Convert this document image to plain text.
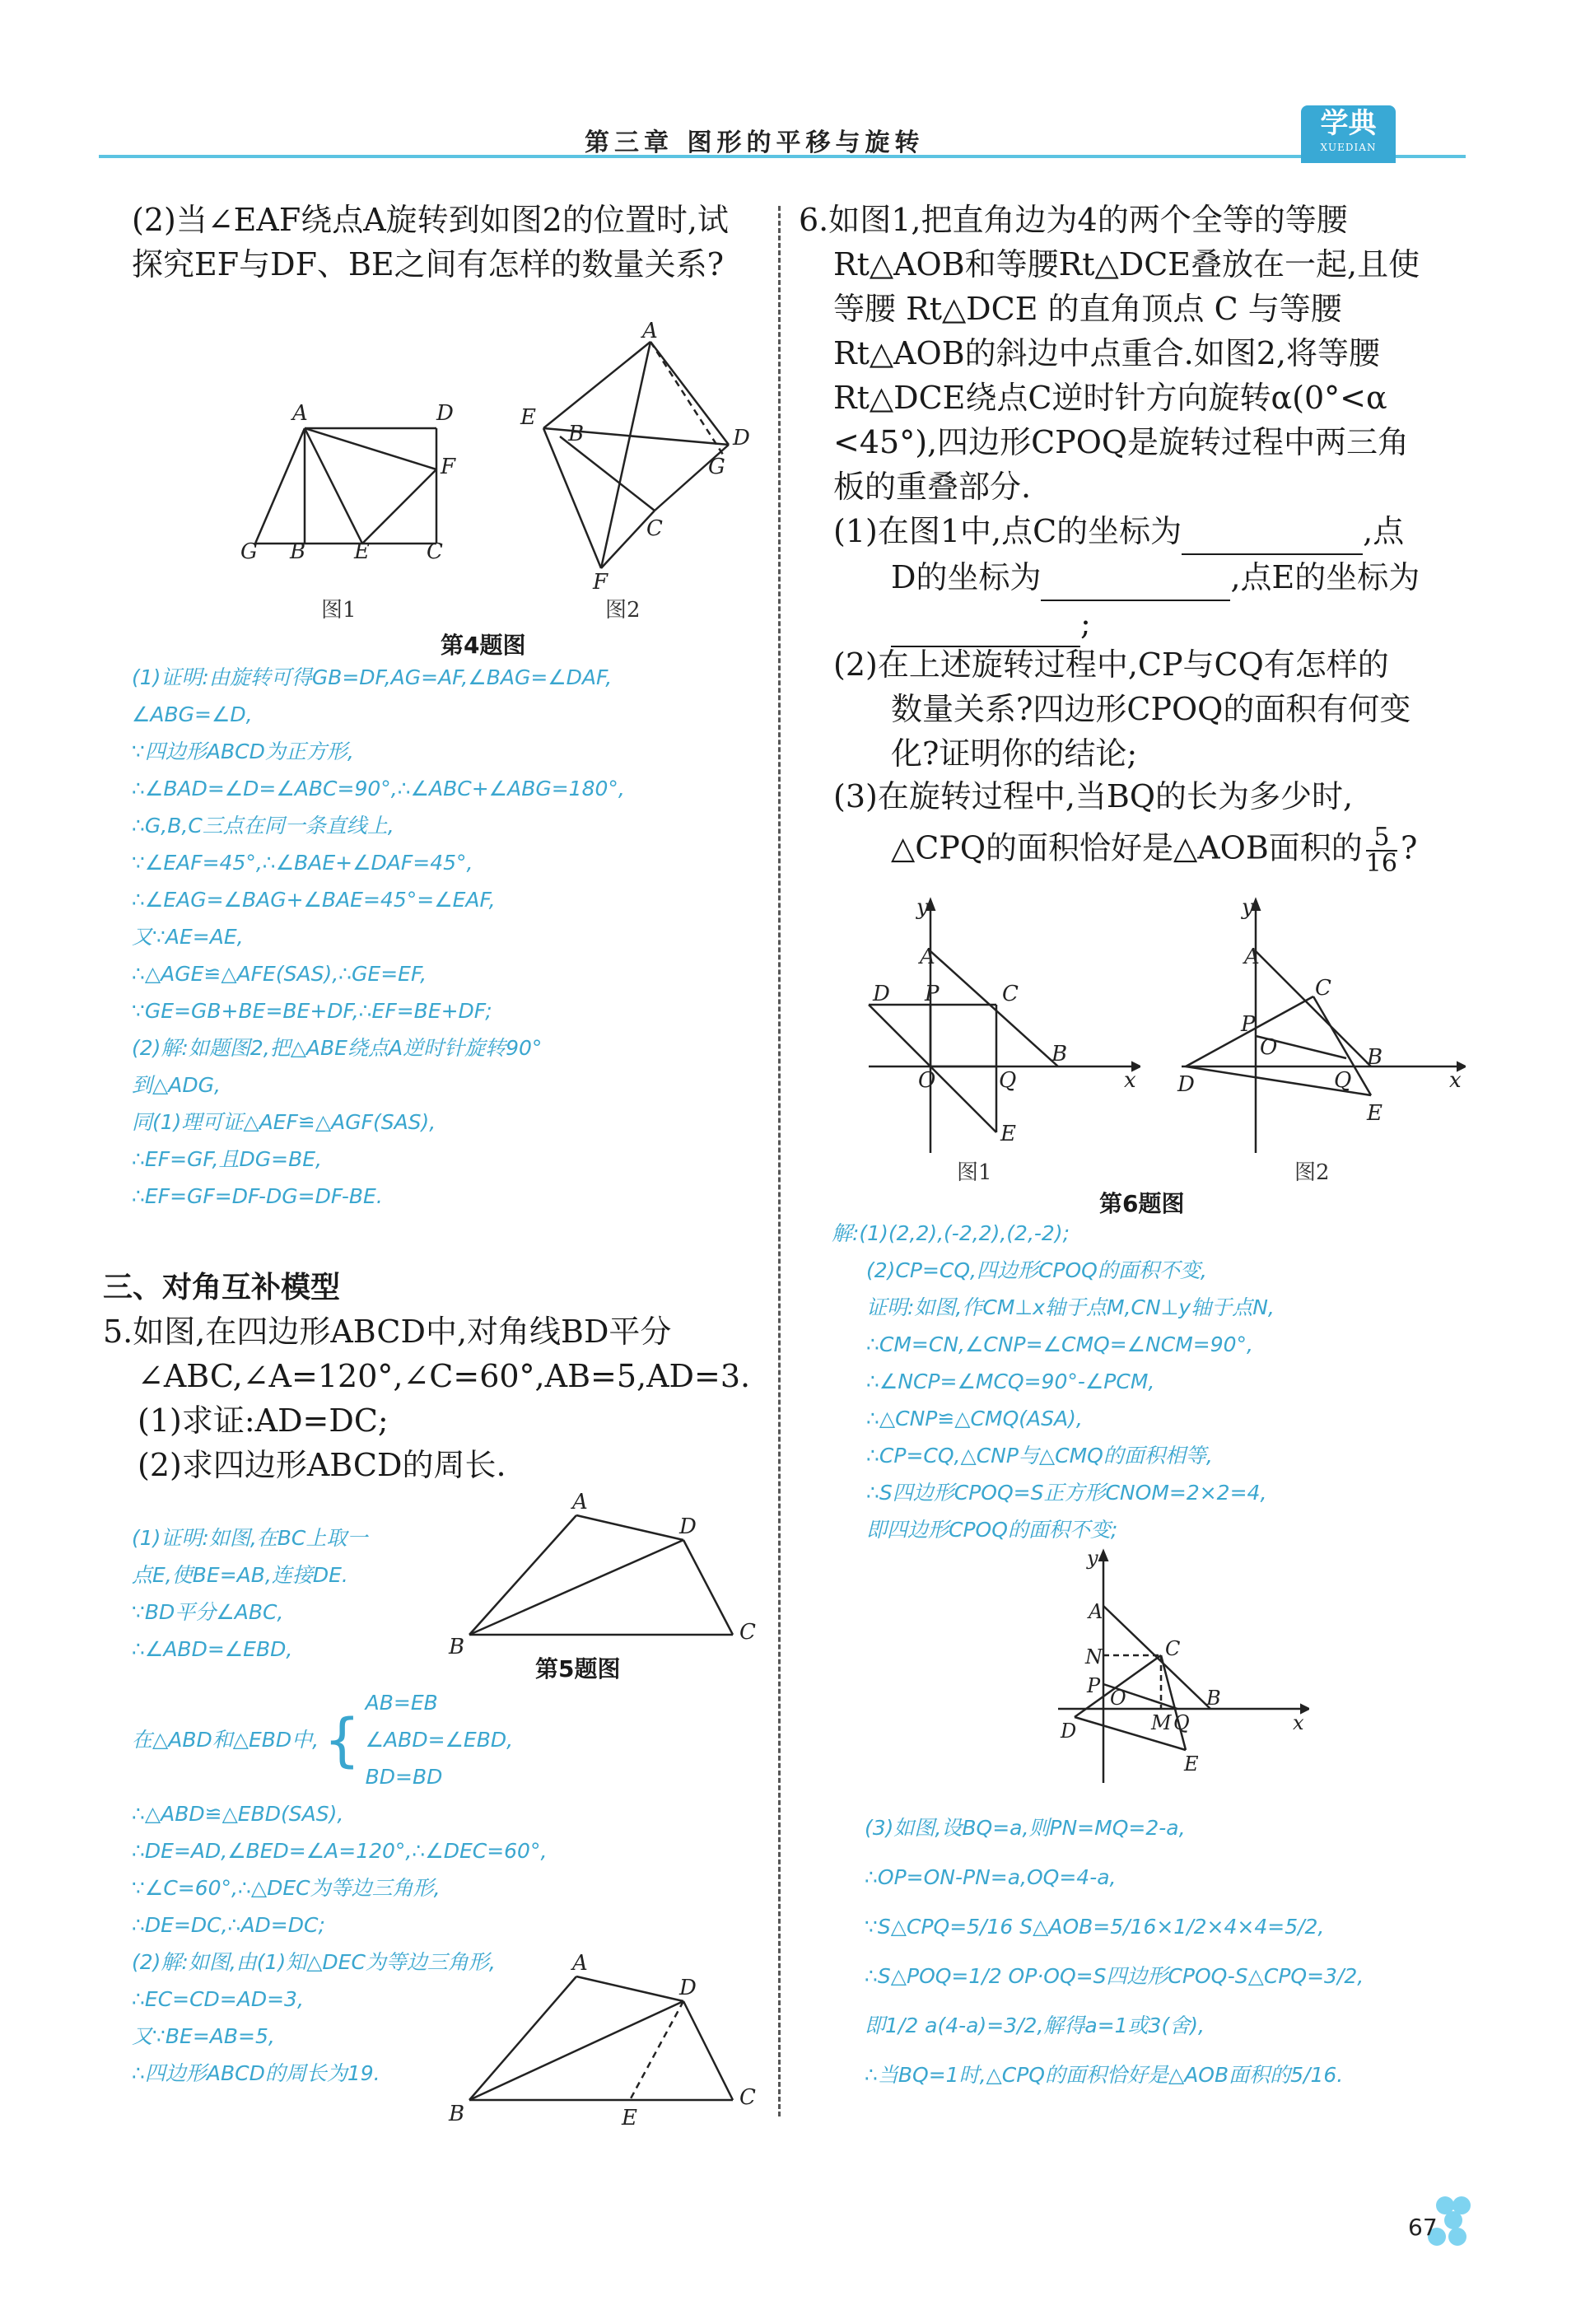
第三章 图形的平移与旋转
学典
XUEDIAN
(2)当∠EAF绕点A旋转到如图2的位置时,试探究EF与DF、BE之间有怎样的数量关系?
A	D
F
G B E	C
图1
A
E
B	D
G
C
F
图2
第4题图
(1)证明:由旋转可得GB=DF,AG=AF,∠BAG=∠DAF,
∠ABG=∠D,
∵四边形ABCD为正方形,
∴∠BAD=∠D=∠ABC=90°,∴∠ABC+∠ABG=180°,
∴G,B,C三点在同一条直线上,
∵∠EAF=45°,∴∠BAE+∠DAF=45°,
∴∠EAG=∠BAG+∠BAE=45°=∠EAF,
又∵AE=AE,
∴△AGE≌△AFE(SAS),∴GE=EF,
∵GE=GB+BE=BE+DF,∴EF=BE+DF;
(2)解:如题图2,把△ABE绕点A逆时针旋转90°
到△ADG,
同(1)理可证△AEF≌△AGF(SAS),
∴EF=GF,且DG=BE,
∴EF=GF=DF-DG=DF-BE.
三、对角互补模型
5.如图,在四边形ABCD中,对角线BD平分
∠ABC,∠A=120°,∠C=60°,AB=5,AD=3.
(1)求证:AD=DC;
(2)求四边形ABCD的周长.
A
D
B
C
第5题图
(1)证明:如图,在BC上取一
点E,使BE=AB,连接DE.
∵BD平分∠ABC,
∴∠ABD=∠EBD,
在△ABD和△EBD中, {
AB=EB
∠ABD=∠EBD,
BD=BD
∴△ABD≌△EBD(SAS),
∴DE=AD,∠BED=∠A=120°,∴∠DEC=60°,
∵∠C=60°,∴△DEC为等边三角形,
∴DE=DC,∴AD=DC;
(2)解:如图,由(1)知△DEC为等边三角形,
∴EC=CD=AD=3,
又∵BE=AB=5,
∴四边形ABCD的周长为19.
A
D
B	E
C
6.如图1,把直角边为4的两个全等的等腰
Rt△AOB和等腰Rt△DCE叠放在一起,且使
等腰 Rt△DCE 的直角顶点 C 与等腰
Rt△AOB的斜边中点重合.如图2,将等腰
Rt△DCE绕点C逆时针方向旋转α(0°<α
<45°),四边形CPOQ是旋转过程中两三角
板的重叠部分.
(1)在图1中,点C的坐标为	,点
D的坐标为	,点E的坐标为
;
(2)在上述旋转过程中,CP与CQ有怎样的
数量关系?四边形CPOQ的面积有何变
化?证明你的结论;
(3)在旋转过程中,当BQ的长为多少时,
△CPQ的面积恰好是△AOB面积的 $\frac{5}{16}$ ?
y
A
D P	C
B
O	Q
E
x
图1
y
A
C
P
O	B
D	Q
E
x
图2
第6题图
解:(1)(2,2),(-2,2),(2,-2);
(2)CP=CQ,四边形CPOQ的面积不变,
证明:如图,作CM⊥x轴于点M,CN⊥y轴于点N,
∴CM=CN,∠CNP=∠CMQ=∠NCM=90°,
∴∠NCP=∠MCQ=90°-∠PCM,
∴△CNP≌△CMQ(ASA),
∴CP=CQ,△CNP与△CMQ的面积相等,
∴S四边形CPOQ=S正方形CNOM=2×2=4,
即四边形CPOQ的面积不变;
y
A
N	C
P
O
M Q
B
D
E
x
(3)如图,设BQ=a,则PN=MQ=2-a,
∴OP=ON-PN=a,OQ=4-a,
∵S△CPQ=5/16 S△AOB=5/16×1/2×4×4=5/2,
∴S△POQ=1/2 OP·OQ=S四边形CPOQ-S△CPQ=3/2,
即1/2 a(4-a)=3/2,解得a=1或3(舍),
∴当BQ=1时,△CPQ的面积恰好是△AOB面积的5/16.
67
